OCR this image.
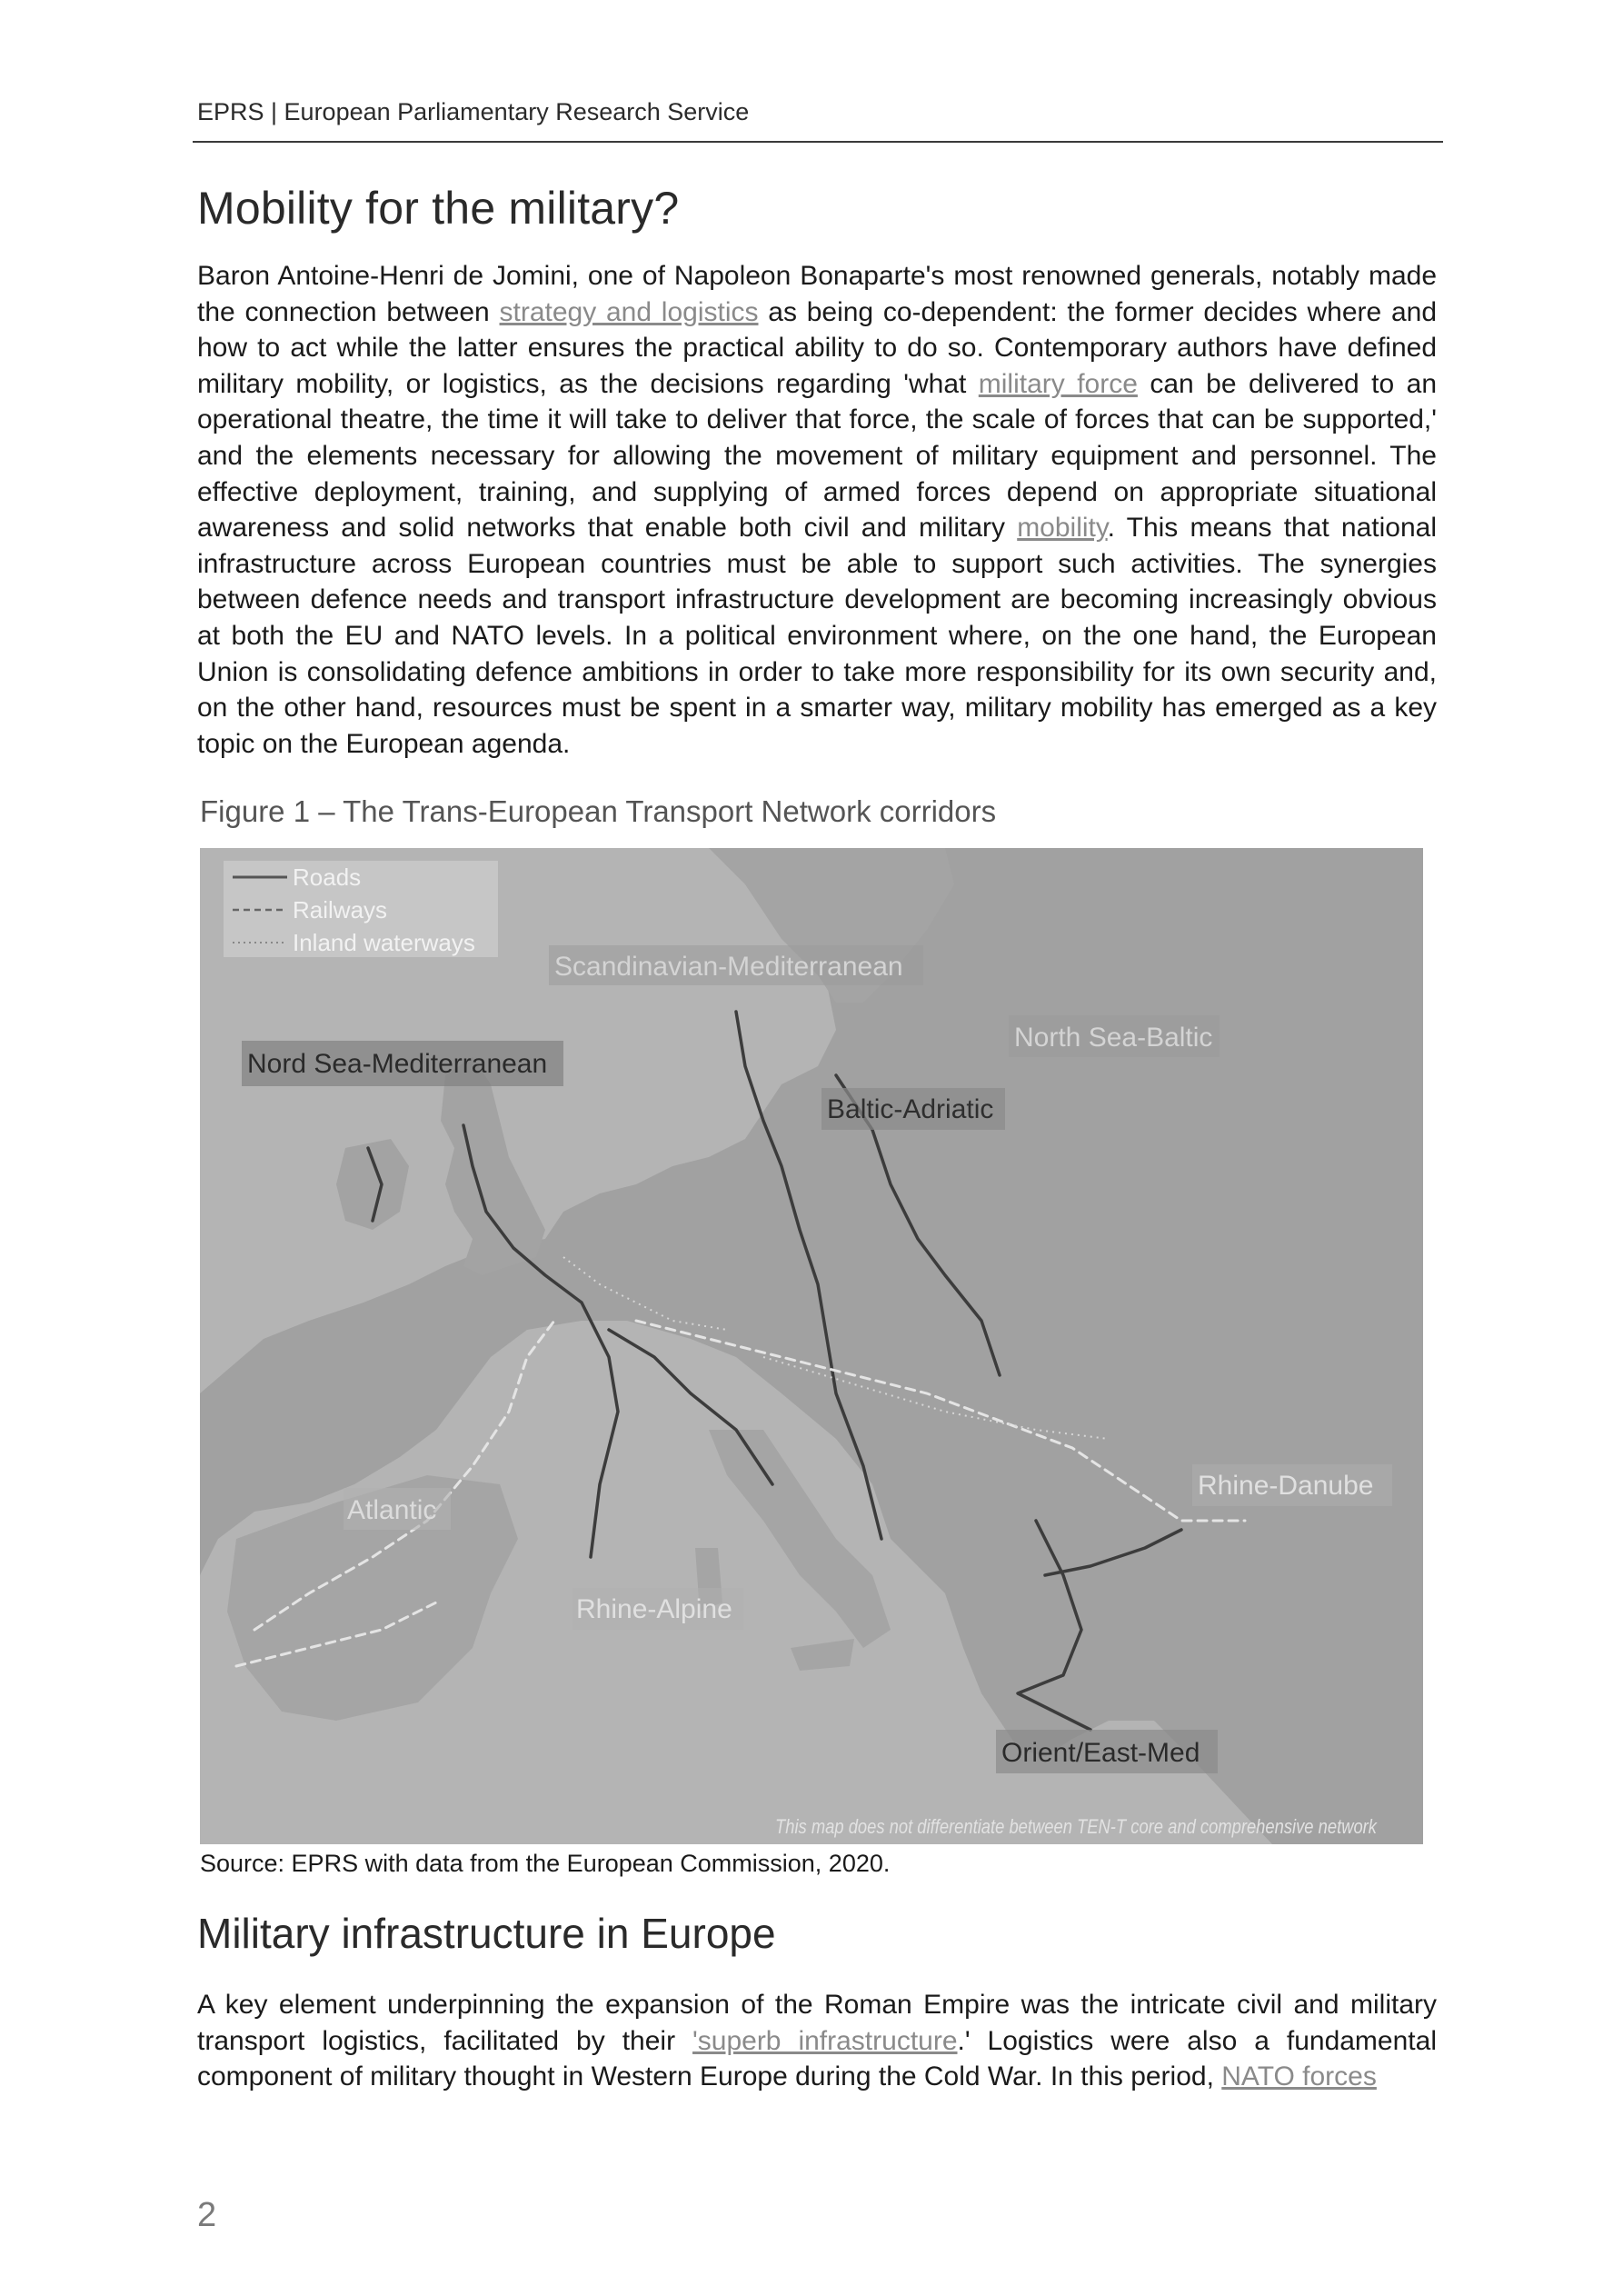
EPRS | European Parliamentary Research Service
Mobility for the military?
Baron Antoine-Henri de Jomini, one of Napoleon Bonaparte's most renowned generals, notably made the connection between strategy and logistics as being co-dependent: the former decides where and how to act while the latter ensures the practical ability to do so. Contemporary authors have defined military mobility, or logistics, as the decisions regarding 'what military force can be delivered to an operational theatre, the time it will take to deliver that force, the scale of forces that can be supported,' and the elements necessary for allowing the movement of military equipment and personnel. The effective deployment, training, and supplying of armed forces depend on appropriate situational awareness and solid networks that enable both civil and military mobility. This means that national infrastructure across European countries must be able to support such activities. The synergies between defence needs and transport infrastructure development are becoming increasingly obvious at both the EU and NATO levels. In a political environment where, on the one hand, the European Union is consolidating defence ambitions in order to take more responsibility for its own security and, on the other hand, resources must be spent in a smarter way, military mobility has emerged as a key topic on the European agenda.
Figure 1 – The Trans-European Transport Network corridors
Roads
Railways
Inland waterways
Scandinavian-Mediterranean
Nord Sea-Mediterranean
North Sea-Baltic
Baltic-Adriatic
Atlantic
Rhine-Danube
Rhine-Alpine
Orient/East-Med
This map does not differentiate between TEN-T core and comprehensive network
Source: EPRS with data from the European Commission, 2020.
Military infrastructure in Europe
A key element underpinning the expansion of the Roman Empire was the intricate civil and military transport logistics, facilitated by their 'superb infrastructure.' Logistics were also a fundamental component of military thought in Western Europe during the Cold War. In this period, NATO forces
2
